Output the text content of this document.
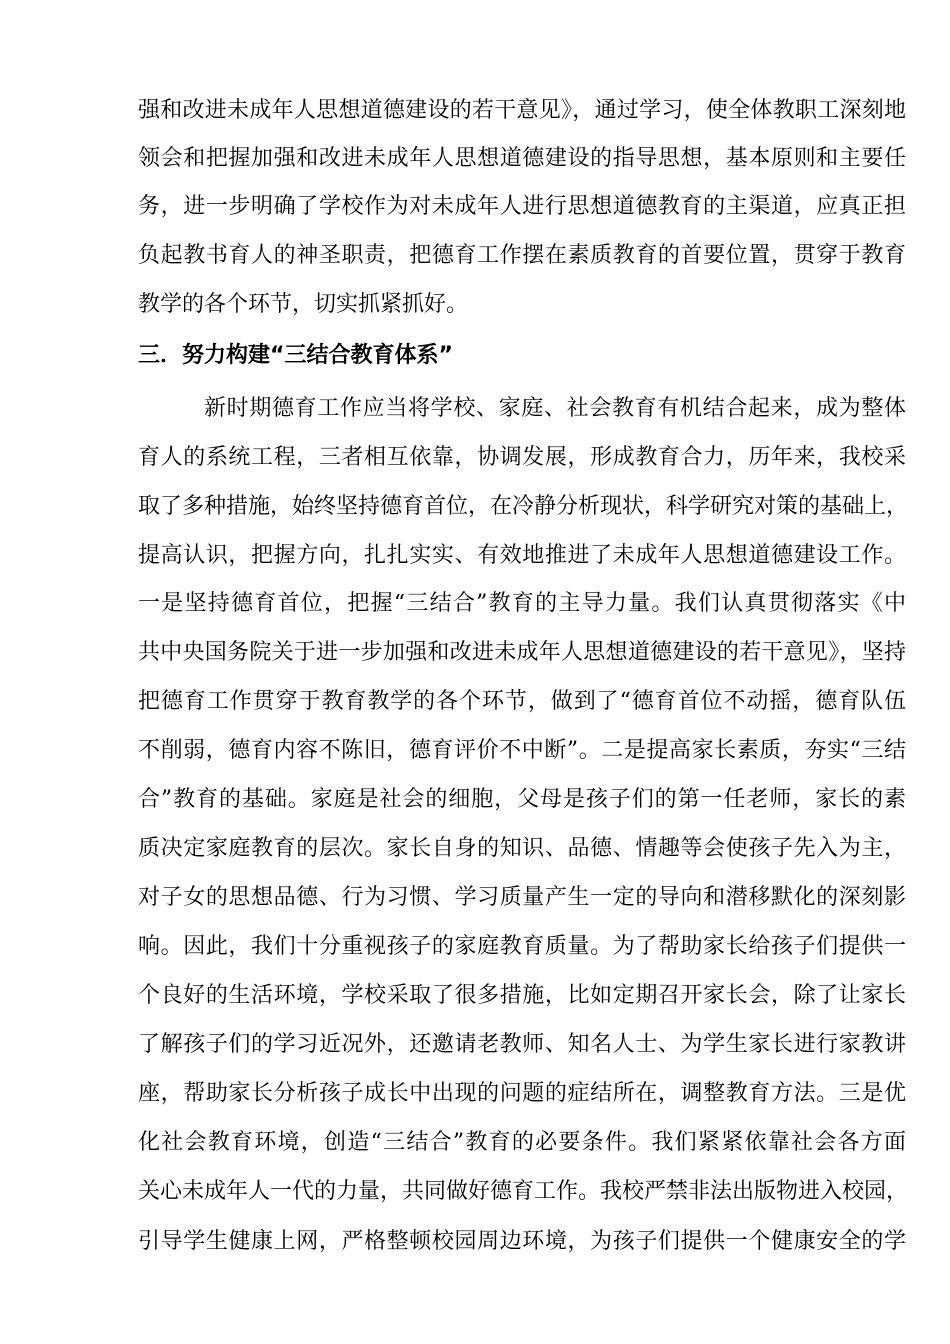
强和改进未成年人思想道德建设的若干意见》，通过学习，使全体教职工深刻地
领会和把握加强和改进未成年人思想道德建设的指导思想，基本原则和主要任
务，进一步明确了学校作为对未成年人进行思想道德教育的主渠道，应真正担
负起教书育人的神圣职责，把德育工作摆在素质教育的首要位置，贯穿于教育
教学的各个环节，切实抓紧抓好。
三．努力构建“三结合教育体系”
新时期德育工作应当将学校、家庭、社会教育有机结合起来，成为整体
育人的系统工程，三者相互依靠，协调发展，形成教育合力，历年来，我校采
取了多种措施，始终坚持德育首位，在冷静分析现状，科学研究对策的基础上，
提高认识，把握方向，扎扎实实、有效地推进了未成年人思想道德建设工作。
一是坚持德育首位，把握“三结合”教育的主导力量。我们认真贯彻落实《中
共中央国务院关于进一步加强和改进未成年人思想道德建设的若干意见》，坚持
把德育工作贯穿于教育教学的各个环节，做到了“德育首位不动摇，德育队伍
不削弱，德育内容不陈旧，德育评价不中断”。二是提高家长素质，夯实“三结
合”教育的基础。家庭是社会的细胞，父母是孩子们的第一任老师，家长的素
质决定家庭教育的层次。家长自身的知识、品德、情趣等会使孩子先入为主，
对子女的思想品德、行为习惯、学习质量产生一定的导向和潜移默化的深刻影
响。因此，我们十分重视孩子的家庭教育质量。为了帮助家长给孩子们提供一
个良好的生活环境，学校采取了很多措施，比如定期召开家长会，除了让家长
了解孩子们的学习近况外，还邀请老教师、知名人士、为学生家长进行家教讲
座，帮助家长分析孩子成长中出现的问题的症结所在，调整教育方法。三是优
化社会教育环境，创造“三结合”教育的必要条件。我们紧紧依靠社会各方面
关心未成年人一代的力量，共同做好德育工作。我校严禁非法出版物进入校园，
引导学生健康上网，严格整顿校园周边环境，为孩子们提供一个健康安全的学
